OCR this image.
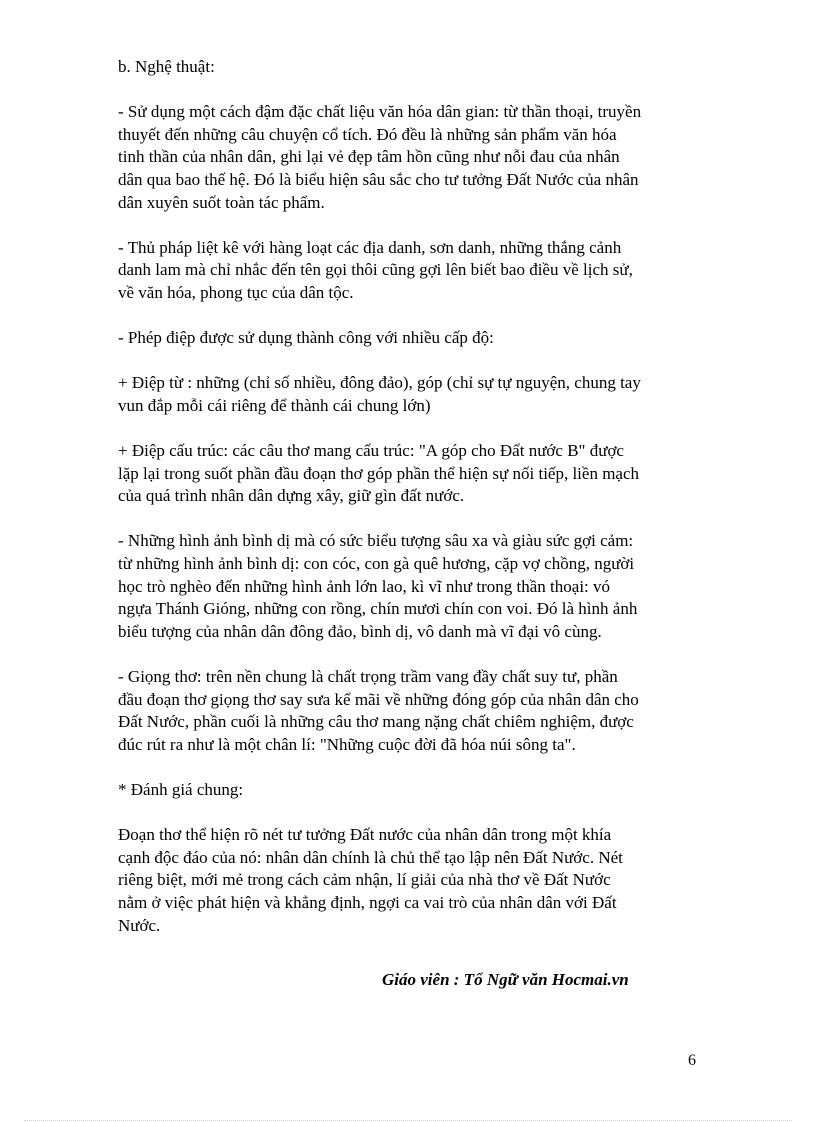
b. Nghệ thuật:
- Sử dụng một cách đậm đặc chất liệu văn hóa dân gian: từ thần thoại, truyền
thuyết đến những câu chuyện cổ tích. Đó đều là những sản phẩm văn hóa
tinh thần của nhân dân, ghi lại vẻ đẹp tâm hồn cũng như nỗi đau của nhân
dân qua bao thế hệ. Đó là biểu hiện sâu sắc cho tư tưởng Đất Nước của nhân
dân xuyên suốt toàn tác phẩm.
- Thủ pháp liệt kê với hàng loạt các địa danh, sơn danh, những thắng cảnh
danh lam mà chỉ nhắc đến tên gọi thôi cũng gợi lên biết bao điều về lịch sử,
về văn hóa, phong tục của dân tộc.
- Phép điệp được sử dụng thành công với nhiều cấp độ:
+ Điệp từ : những (chỉ số nhiều, đông đảo), góp (chỉ sự tự nguyện, chung tay
vun đắp mỗi cái riêng để thành cái chung lớn)
+ Điệp cấu trúc: các câu thơ mang cấu trúc: "A góp cho Đất nước B" được
lặp lại trong suốt phần đầu đoạn thơ góp phần thể hiện sự nối tiếp, liền mạch
của quá trình nhân dân dựng xây, giữ gìn đất nước.
- Những hình ảnh bình dị mà có sức biểu tượng sâu xa và giàu sức gợi cảm:
từ những hình ảnh bình dị: con cóc, con gà quê hương, cặp vợ chồng, người
học trò nghèo đến những hình ảnh lớn lao, kì vĩ như trong thần thoại: vó
ngựa Thánh Gióng, những con rồng, chín mươi chín con voi. Đó là hình ảnh
biểu tượng của nhân dân đông đảo, bình dị, vô danh mà vĩ đại vô cùng.
- Giọng thơ: trên nền chung là chất trọng trầm vang đầy chất suy tư, phần
đầu đoạn thơ giọng thơ say sưa kể mãi về những đóng góp của nhân dân cho
Đất Nước, phần cuối là những câu thơ mang nặng chất chiêm nghiệm, được
đúc rút ra như là một chân lí: "Những cuộc đời đã hóa núi sông ta".
* Đánh giá chung:
Đoạn thơ thể hiện rõ nét tư tưởng Đất nước của nhân dân trong một khía
cạnh độc đáo của nó: nhân dân chính là chủ thể tạo lập nên Đất Nước. Nét
riêng biệt, mới mẻ trong cách cảm nhận, lí giải của nhà thơ về Đất Nước
nằm ở việc phát hiện và khẳng định, ngợi ca vai trò của nhân dân với Đất
Nước.
Giáo viên : Tổ Ngữ văn Hocmai.vn
6
